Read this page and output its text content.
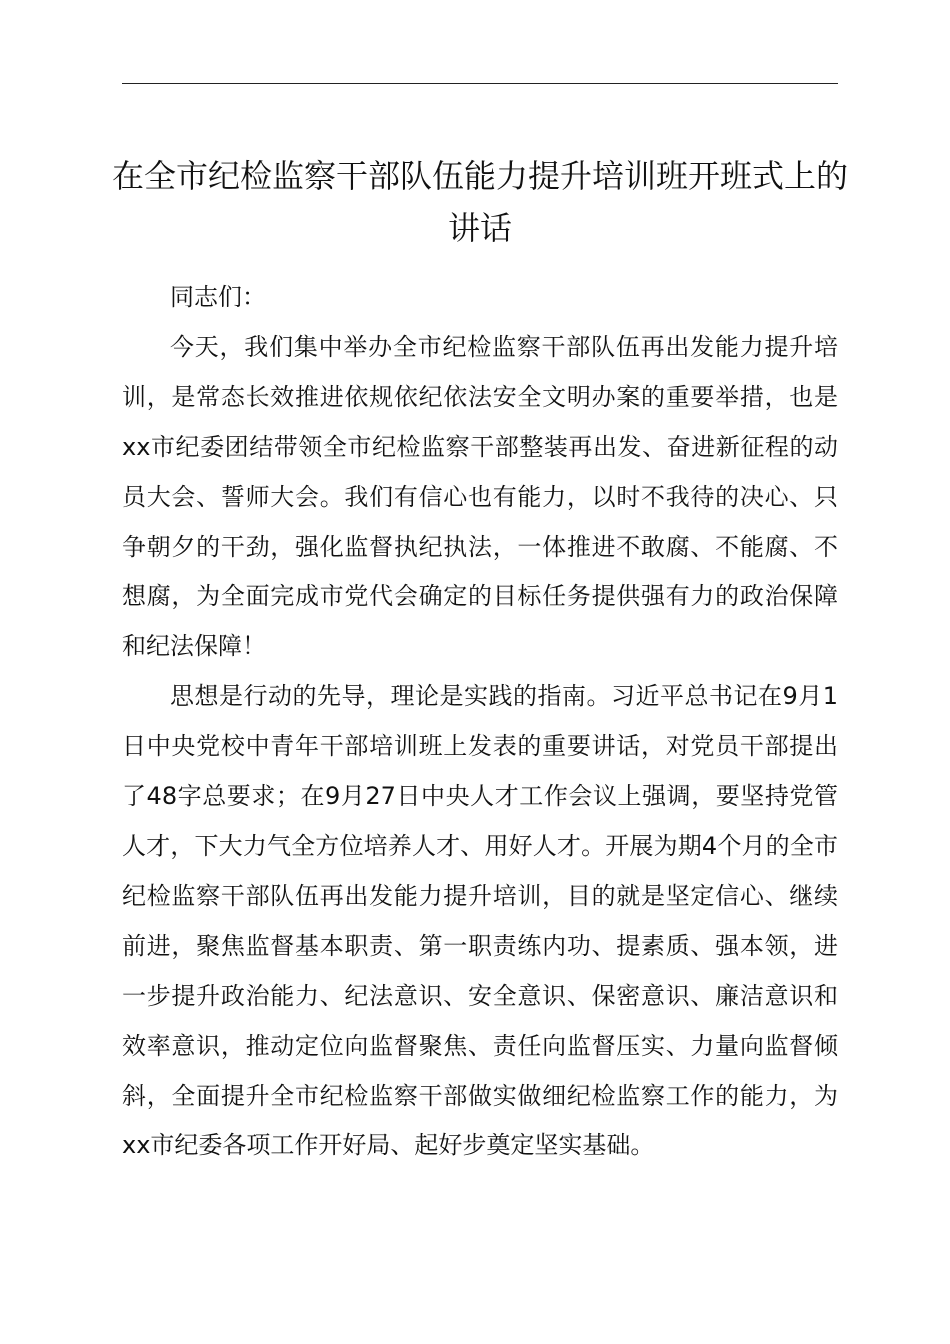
在全市纪检监察干部队伍能力提升培训班开班式上的讲话

同志们：

今天，我们集中举办全市纪检监察干部队伍再出发能力提升培训，是常态长效推进依规依纪依法安全文明办案的重要举措，也是xx市纪委团结带领全市纪检监察干部整装再出发、奋进新征程的动员大会、誓师大会。我们有信心也有能力，以时不我待的决心、只争朝夕的干劲，强化监督执纪执法，一体推进不敢腐、不能腐、不想腐，为全面完成市党代会确定的目标任务提供强有力的政治保障和纪法保障！

思想是行动的先导，理论是实践的指南。习近平总书记在9月1日中央党校中青年干部培训班上发表的重要讲话，对党员干部提出了48字总要求；在9月27日中央人才工作会议上强调，要坚持党管人才，下大力气全方位培养人才、用好人才。开展为期4个月的全市纪检监察干部队伍再出发能力提升培训，目的就是坚定信心、继续前进，聚焦监督基本职责、第一职责练内功、提素质、强本领，进一步提升政治能力、纪法意识、安全意识、保密意识、廉洁意识和效率意识，推动定位向监督聚焦、责任向监督压实、力量向监督倾斜，全面提升全市纪检监察干部做实做细纪检监察工作的能力，为xx市纪委各项工作开好局、起好步奠定坚实基础。
